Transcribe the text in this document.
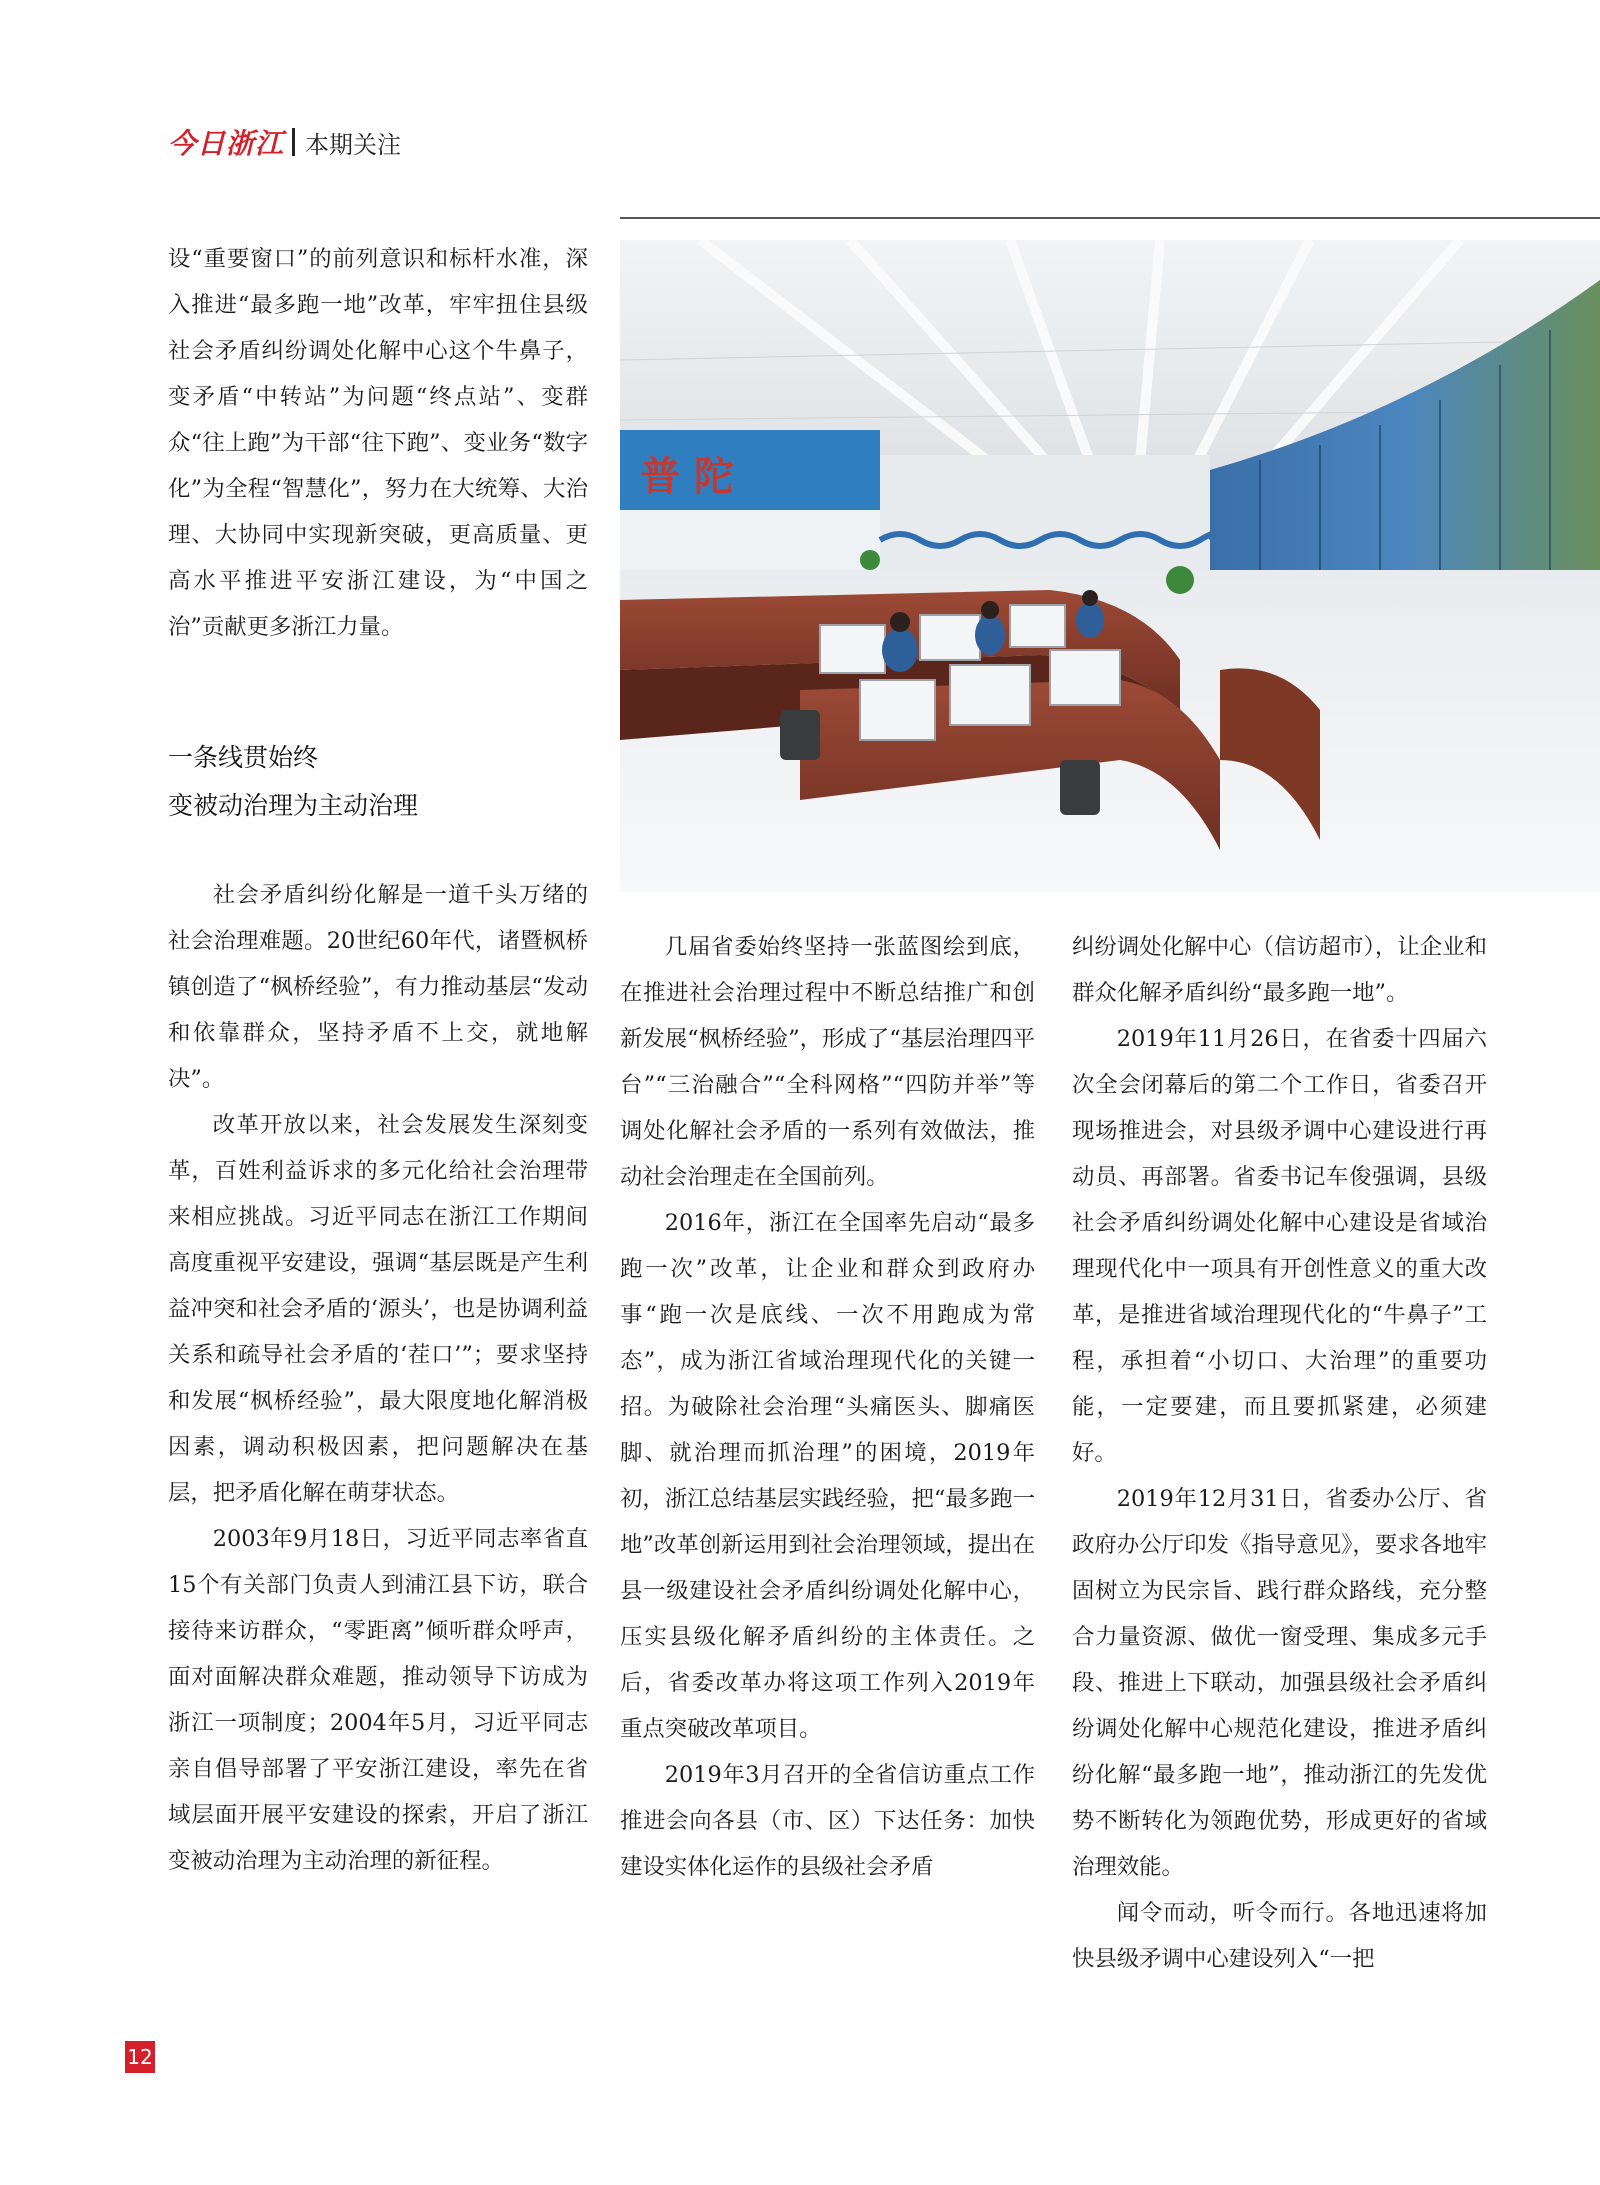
今日浙江 本期关注
普 陀

设“重要窗口”的前列意识和标杆水准，深入推进“最多跑一地”改革，牢牢扭住县级社会矛盾纠纷调处化解中心这个牛鼻子，变矛盾“中转站”为问题“终点站”、变群众“往上跑”为干部“往下跑”、变业务“数字化”为全程“智慧化”，努力在大统筹、大治理、大协同中实现新突破，更高质量、更高水平推进平安浙江建设，为“中国之治”贡献更多浙江力量。

一条线贯始终
变被动治理为主动治理

社会矛盾纠纷化解是一道千头万绪的社会治理难题。20世纪60年代，诸暨枫桥镇创造了“枫桥经验”，有力推动基层“发动和依靠群众，坚持矛盾不上交，就地解决”。

改革开放以来，社会发展发生深刻变革，百姓利益诉求的多元化给社会治理带来相应挑战。习近平同志在浙江工作期间高度重视平安建设，强调“基层既是产生利益冲突和社会矛盾的‘源头’，也是协调利益关系和疏导社会矛盾的‘茬口’”；要求坚持和发展“枫桥经验”，最大限度地化解消极因素，调动积极因素，把问题解决在基层，把矛盾化解在萌芽状态。

2003年9月18日，习近平同志率省直15个有关部门负责人到浦江县下访，联合接待来访群众，“零距离”倾听群众呼声，面对面解决群众难题，推动领导下访成为浙江一项制度；2004年5月，习近平同志亲自倡导部署了平安浙江建设，率先在省域层面开展平安建设的探索，开启了浙江变被动治理为主动治理的新征程。

几届省委始终坚持一张蓝图绘到底，在推进社会治理过程中不断总结推广和创新发展“枫桥经验”，形成了“基层治理四平台”“三治融合”“全科网格”“四防并举”等调处化解社会矛盾的一系列有效做法，推动社会治理走在全国前列。

2016年，浙江在全国率先启动“最多跑一次”改革，让企业和群众到政府办事“跑一次是底线、一次不用跑成为常态”，成为浙江省域治理现代化的关键一招。为破除社会治理“头痛医头、脚痛医脚、就治理而抓治理”的困境，2019年初，浙江总结基层实践经验，把“最多跑一地”改革创新运用到社会治理领域，提出在县一级建设社会矛盾纠纷调处化解中心，压实县级化解矛盾纠纷的主体责任。之后，省委改革办将这项工作列入2019年重点突破改革项目。

2019年3月召开的全省信访重点工作推进会向各县（市、区）下达任务：加快建设实体化运作的县级社会矛盾

纠纷调处化解中心（信访超市），让企业和群众化解矛盾纠纷“最多跑一地”。

2019年11月26日，在省委十四届六次全会闭幕后的第二个工作日，省委召开现场推进会，对县级矛调中心建设进行再动员、再部署。省委书记车俊强调，县级社会矛盾纠纷调处化解中心建设是省域治理现代化中一项具有开创性意义的重大改革，是推进省域治理现代化的“牛鼻子”工程，承担着“小切口、大治理”的重要功能，一定要建，而且要抓紧建，必须建好。

2019年12月31日，省委办公厅、省政府办公厅印发《指导意见》，要求各地牢固树立为民宗旨、践行群众路线，充分整合力量资源、做优一窗受理、集成多元手段、推进上下联动，加强县级社会矛盾纠纷调处化解中心规范化建设，推进矛盾纠纷化解“最多跑一地”，推动浙江的先发优势不断转化为领跑优势，形成更好的省域治理效能。

闻令而动，听令而行。各地迅速将加快县级矛调中心建设列入“一把

12
